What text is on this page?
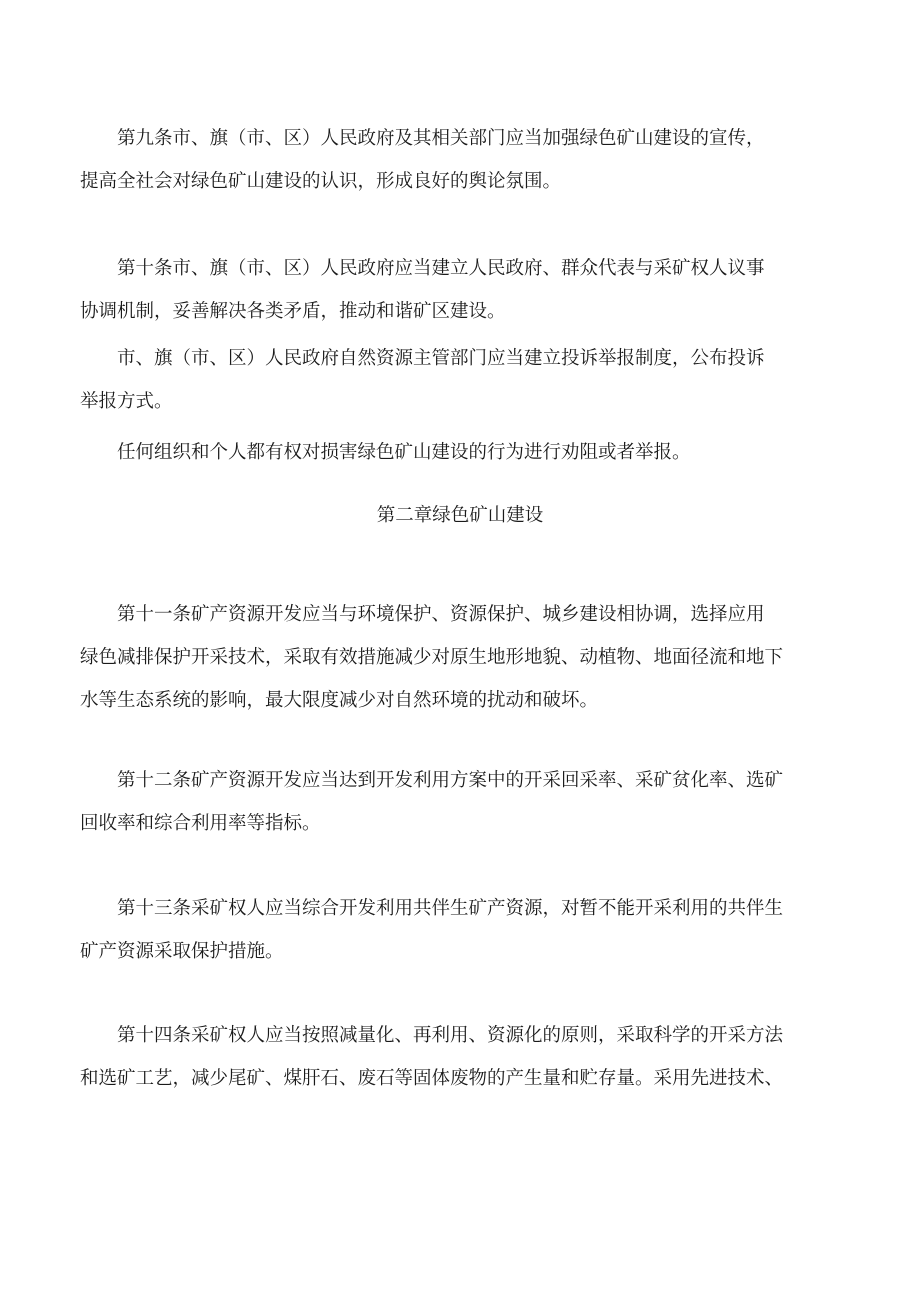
第九条市、旗（市、区）人民政府及其相关部门应当加强绿色矿山建设的宣传，
提高全社会对绿色矿山建设的认识，形成良好的舆论氛围。
第十条市、旗（市、区）人民政府应当建立人民政府、群众代表与采矿权人议事
协调机制，妥善解决各类矛盾，推动和谐矿区建设。
市、旗（市、区）人民政府自然资源主管部门应当建立投诉举报制度，公布投诉
举报方式。
任何组织和个人都有权对损害绿色矿山建设的行为进行劝阻或者举报。
第二章绿色矿山建设
第十一条矿产资源开发应当与环境保护、资源保护、城乡建设相协调，选择应用
绿色减排保护开采技术，采取有效措施减少对原生地形地貌、动植物、地面径流和地下
水等生态系统的影响，最大限度减少对自然环境的扰动和破坏。
第十二条矿产资源开发应当达到开发利用方案中的开采回采率、采矿贫化率、选矿
回收率和综合利用率等指标。
第十三条采矿权人应当综合开发利用共伴生矿产资源，对暂不能开采利用的共伴生
矿产资源采取保护措施。
第十四条采矿权人应当按照减量化、再利用、资源化的原则，采取科学的开采方法
和选矿工艺，减少尾矿、煤肝石、废石等固体废物的产生量和贮存量。采用先进技术、
